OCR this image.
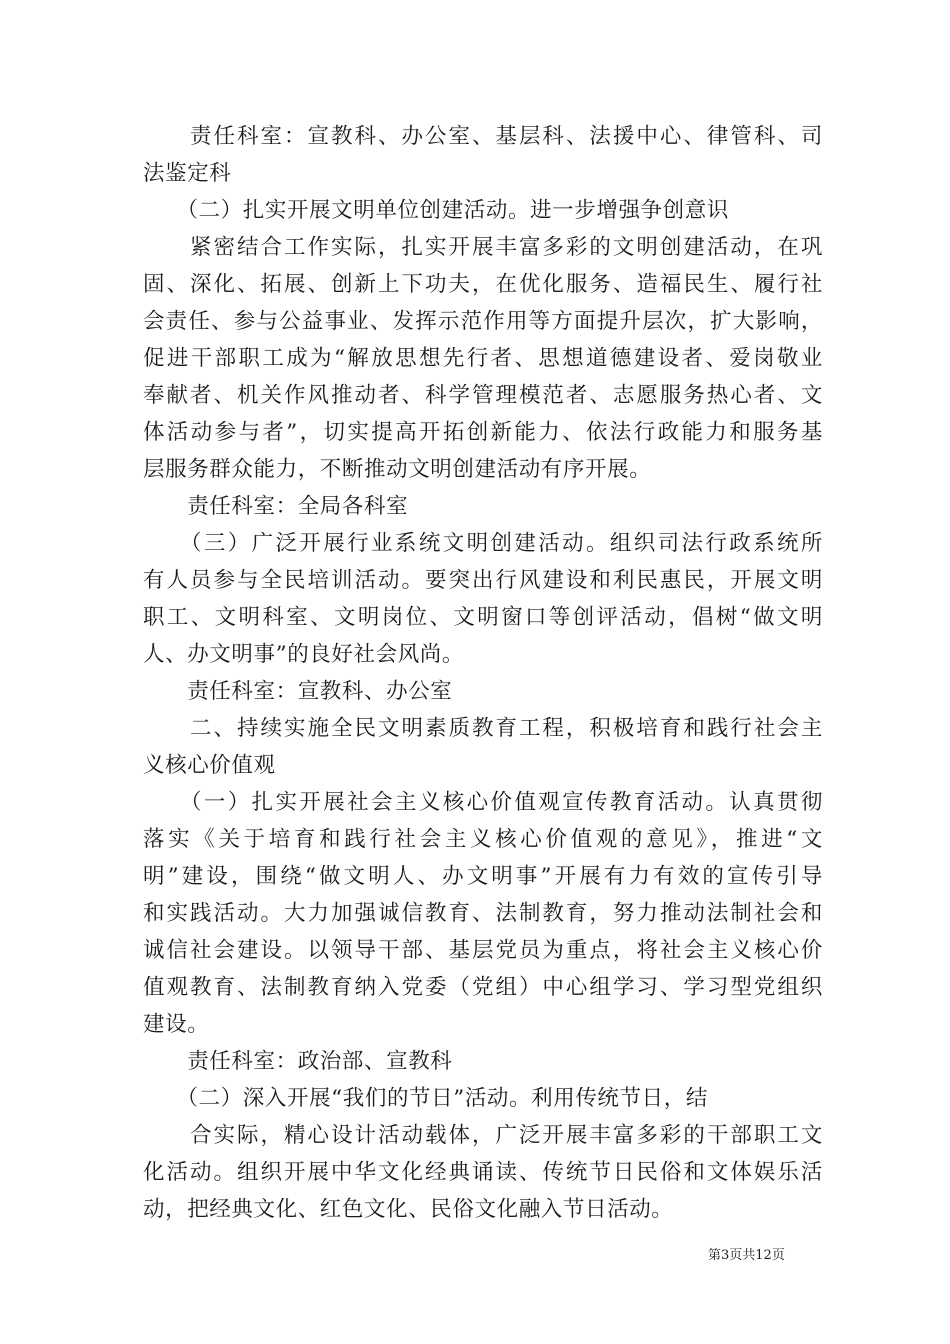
　　责任科室：宣教科、办公室、基层科、法援中心、律管科、司
法鉴定科
　　（二）扎实开展文明单位创建活动。进一步增强争创意识
　　紧密结合工作实际，扎实开展丰富多彩的文明创建活动，在巩
固、深化、拓展、创新上下功夫，在优化服务、造福民生、履行社
会责任、参与公益事业、发挥示范作用等方面提升层次，扩大影响，
促进干部职工成为“解放思想先行者、思想道德建设者、爱岗敬业
奉献者、机关作风推动者、科学管理模范者、志愿服务热心者、文
体活动参与者”，切实提高开拓创新能力、依法行政能力和服务基
层服务群众能力，不断推动文明创建活动有序开展。
　　责任科室：全局各科室
　　（三）广泛开展行业系统文明创建活动。组织司法行政系统所
有人员参与全民培训活动。要突出行风建设和利民惠民，开展文明
职工、文明科室、文明岗位、文明窗口等创评活动，倡树“做文明
人、办文明事”的良好社会风尚。
　　责任科室：宣教科、办公室
　　二、持续实施全民文明素质教育工程，积极培育和践行社会主
义核心价值观
　　（一）扎实开展社会主义核心价值观宣传教育活动。认真贯彻
落实《关于培育和践行社会主义核心价值观的意见》，推进“文
明”建设，围绕“做文明人、办文明事”开展有力有效的宣传引导
和实践活动。大力加强诚信教育、法制教育，努力推动法制社会和
诚信社会建设。以领导干部、基层党员为重点，将社会主义核心价
值观教育、法制教育纳入党委（党组）中心组学习、学习型党组织
建设。
　　责任科室：政治部、宣教科
　　（二）深入开展“我们的节日”活动。利用传统节日，结
　　合实际，精心设计活动载体，广泛开展丰富多彩的干部职工文
化活动。组织开展中华文化经典诵读、传统节日民俗和文体娱乐活
动，把经典文化、红色文化、民俗文化融入节日活动。
第3页共12页
